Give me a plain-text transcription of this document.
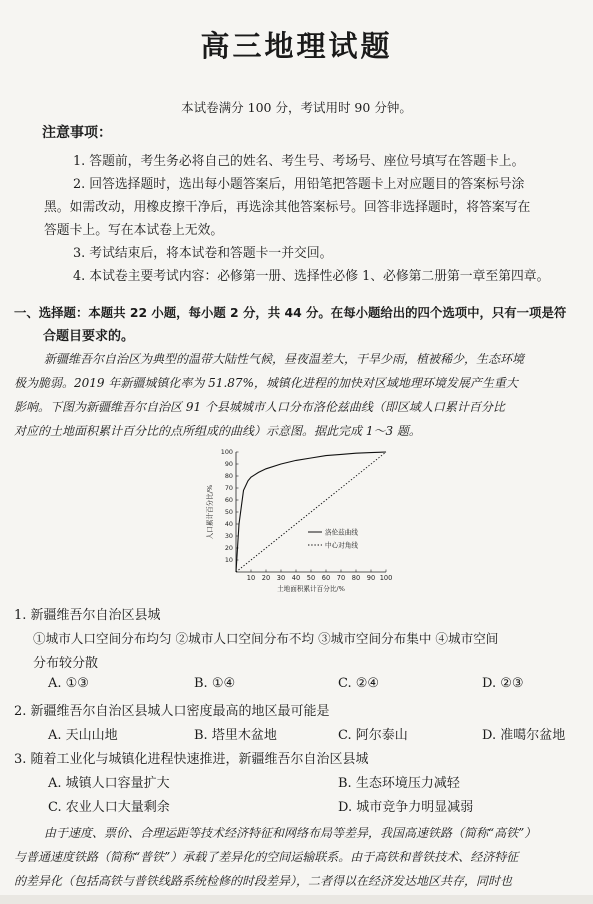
高三地理试题
本试卷满分 100 分，考试用时 90 分钟。
注意事项：
1. 答题前，考生务必将自己的姓名、考生号、考场号、座位号填写在答题卡上。
2. 回答选择题时，选出每小题答案后，用铅笔把答题卡上对应题目的答案标号涂
黑。如需改动，用橡皮擦干净后，再选涂其他答案标号。回答非选择题时，将答案写在
答题卡上。写在本试卷上无效。
3. 考试结束后，将本试卷和答题卡一并交回。
4. 本试卷主要考试内容：必修第一册、选择性必修 1、必修第二册第一章至第四章。
一、选择题：本题共 22 小题，每小题 2 分，共 44 分。在每小题给出的四个选项中，只有一项是符
合题目要求的。
新疆维吾尔自治区为典型的温带大陆性气候，昼夜温差大，干旱少雨，植被稀少，生态环境
极为脆弱。2019 年新疆城镇化率为 51.87%，城镇化进程的加快对区域地理环境发展产生重大
影响。下图为新疆维吾尔自治区 91 个县城城市人口分布洛伦兹曲线（即区域人口累计百分比
对应的土地面积累计百分比的点所组成的曲线）示意图。据此完成 1～3 题。
10 20 30 40 50 60 70 80 90 100
10
20
30
40
50
60
70
80
90
100
土地面积累计百分比/%
人口累计百分比/%	洛伦兹曲线
中心对角线
1. 新疆维吾尔自治区县城
①城市人口空间分布均匀 ②城市人口空间分布不均 ③城市空间分布集中 ④城市空间
分布较分散
A. ①③	B. ①④	C. ②④	D. ②③
2. 新疆维吾尔自治区县城人口密度最高的地区最可能是
A. 天山山地	B. 塔里木盆地	C. 阿尔泰山	D. 准噶尔盆地
3. 随着工业化与城镇化进程快速推进，新疆维吾尔自治区县城
A. 城镇人口容量扩大	B. 生态环境压力减轻
C. 农业人口大量剩余	D. 城市竞争力明显减弱
由于速度、票价、合理运距等技术经济特征和网络布局等差异，我国高速铁路（简称“高铁”）
与普通速度铁路（简称“普铁”）承载了差异化的空间运输联系。由于高铁和普铁技术、经济特征
的差异化（包括高铁与普铁线路系统检修的时段差异），二者得以在经济发达地区共存，同时也
